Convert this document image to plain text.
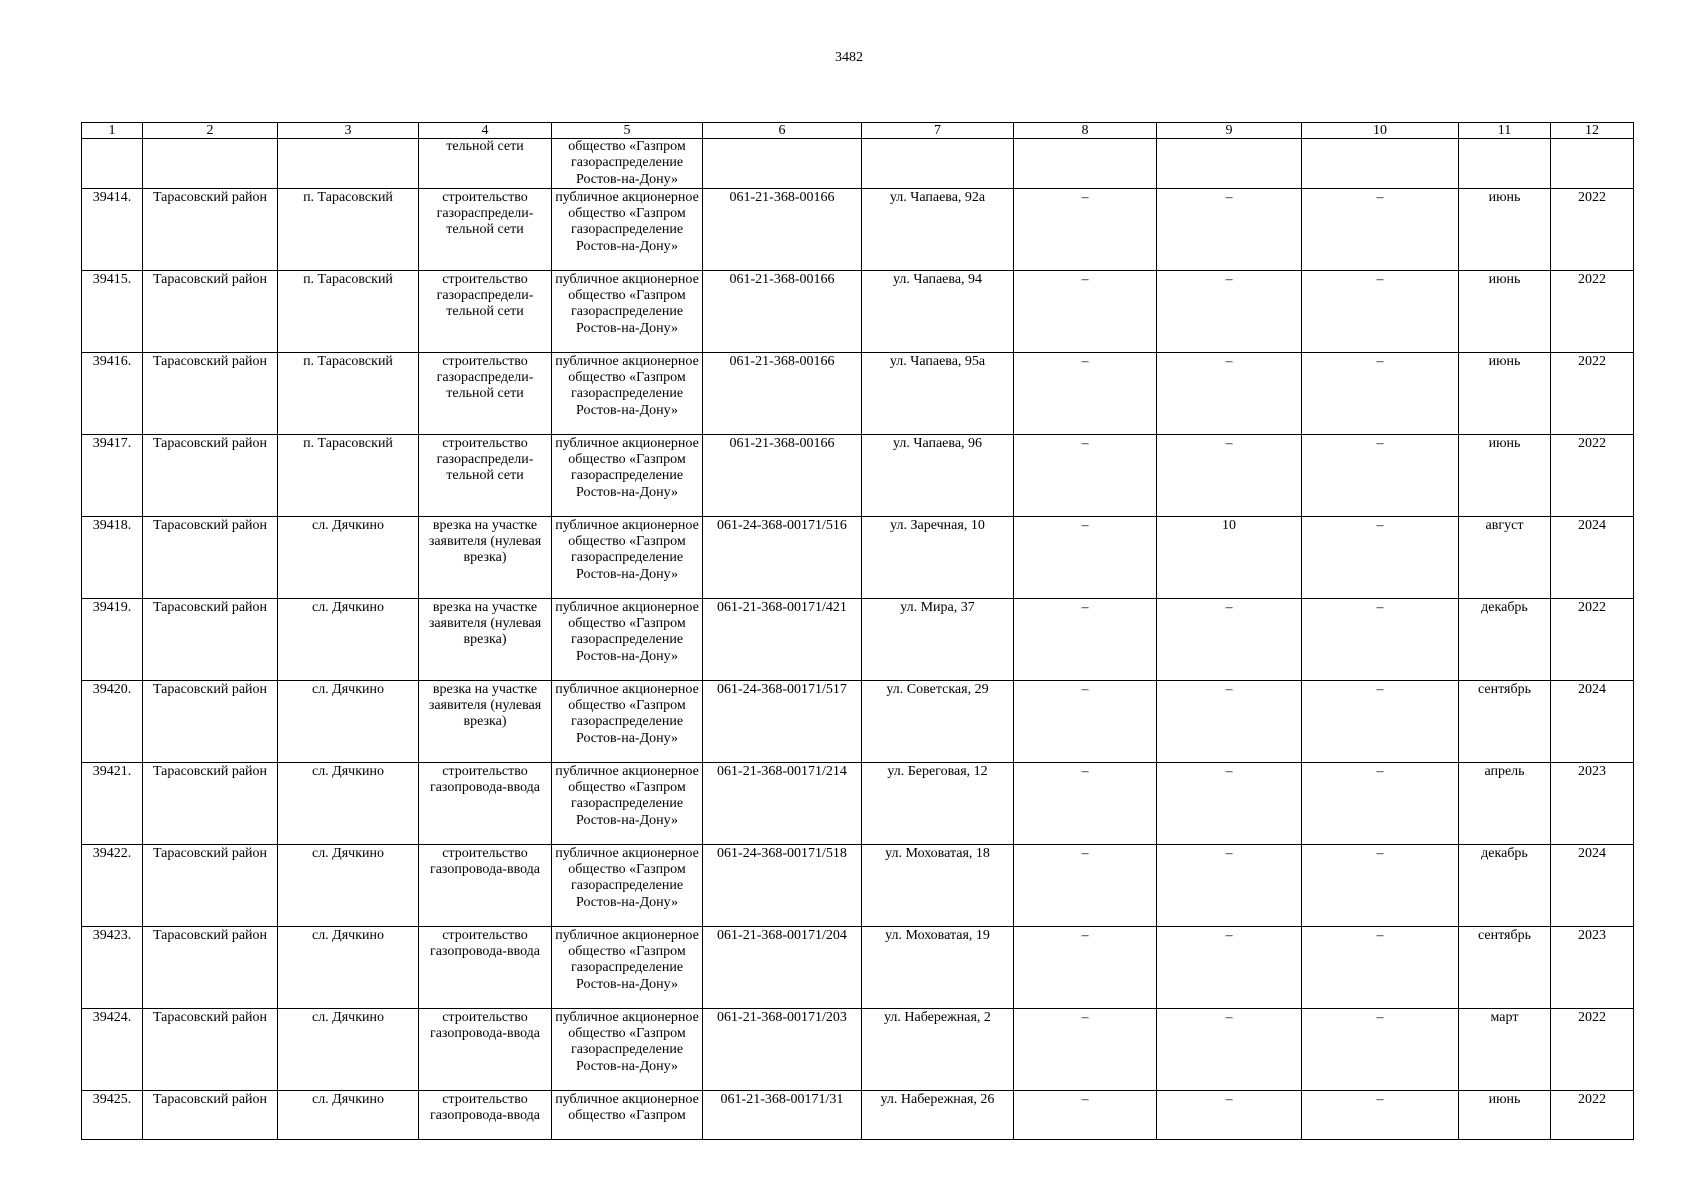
3482
1	2	3	4	5	6	7	8	9	10	11	12
			тельной сети	общество «Газпром газораспределение Ростов-на-Дону»							
39414.	Тарасовский район	п. Тарасовский	строительство газораспредели-тельной сети	публичное акционерное общество «Газпром газораспределение Ростов-на-Дону»	061-21-368-00166	ул. Чапаева, 92а	–	–	–	июнь	2022
39415.	Тарасовский район	п. Тарасовский	строительство газораспредели-тельной сети	публичное акционерное общество «Газпром газораспределение Ростов-на-Дону»	061-21-368-00166	ул. Чапаева, 94	–	–	–	июнь	2022
39416.	Тарасовский район	п. Тарасовский	строительство газораспредели-тельной сети	публичное акционерное общество «Газпром газораспределение Ростов-на-Дону»	061-21-368-00166	ул. Чапаева, 95а	–	–	–	июнь	2022
39417.	Тарасовский район	п. Тарасовский	строительство газораспредели-тельной сети	публичное акционерное общество «Газпром газораспределение Ростов-на-Дону»	061-21-368-00166	ул. Чапаева, 96	–	–	–	июнь	2022
39418.	Тарасовский район	сл. Дячкино	врезка на участке заявителя (нулевая врезка)	публичное акционерное общество «Газпром газораспределение Ростов-на-Дону»	061-24-368-00171/516	ул. Заречная, 10	–	10	–	август	2024
39419.	Тарасовский район	сл. Дячкино	врезка на участке заявителя (нулевая врезка)	публичное акционерное общество «Газпром газораспределение Ростов-на-Дону»	061-21-368-00171/421	ул. Мира, 37	–	–	–	декабрь	2022
39420.	Тарасовский район	сл. Дячкино	врезка на участке заявителя (нулевая врезка)	публичное акционерное общество «Газпром газораспределение Ростов-на-Дону»	061-24-368-00171/517	ул. Советская, 29	–	–	–	сентябрь	2024
39421.	Тарасовский район	сл. Дячкино	строительство газопровода-ввода	публичное акционерное общество «Газпром газораспределение Ростов-на-Дону»	061-21-368-00171/214	ул. Береговая, 12	–	–	–	апрель	2023
39422.	Тарасовский район	сл. Дячкино	строительство газопровода-ввода	публичное акционерное общество «Газпром газораспределение Ростов-на-Дону»	061-24-368-00171/518	ул. Моховатая, 18	–	–	–	декабрь	2024
39423.	Тарасовский район	сл. Дячкино	строительство газопровода-ввода	публичное акционерное общество «Газпром газораспределение Ростов-на-Дону»	061-21-368-00171/204	ул. Моховатая, 19	–	–	–	сентябрь	2023
39424.	Тарасовский район	сл. Дячкино	строительство газопровода-ввода	публичное акционерное общество «Газпром газораспределение Ростов-на-Дону»	061-21-368-00171/203	ул. Набережная, 2	–	–	–	март	2022
39425.	Тарасовский район	сл. Дячкино	строительство газопровода-ввода	публичное акционерное общество «Газпром	061-21-368-00171/31	ул. Набережная, 26	–	–	–	июнь	2022
